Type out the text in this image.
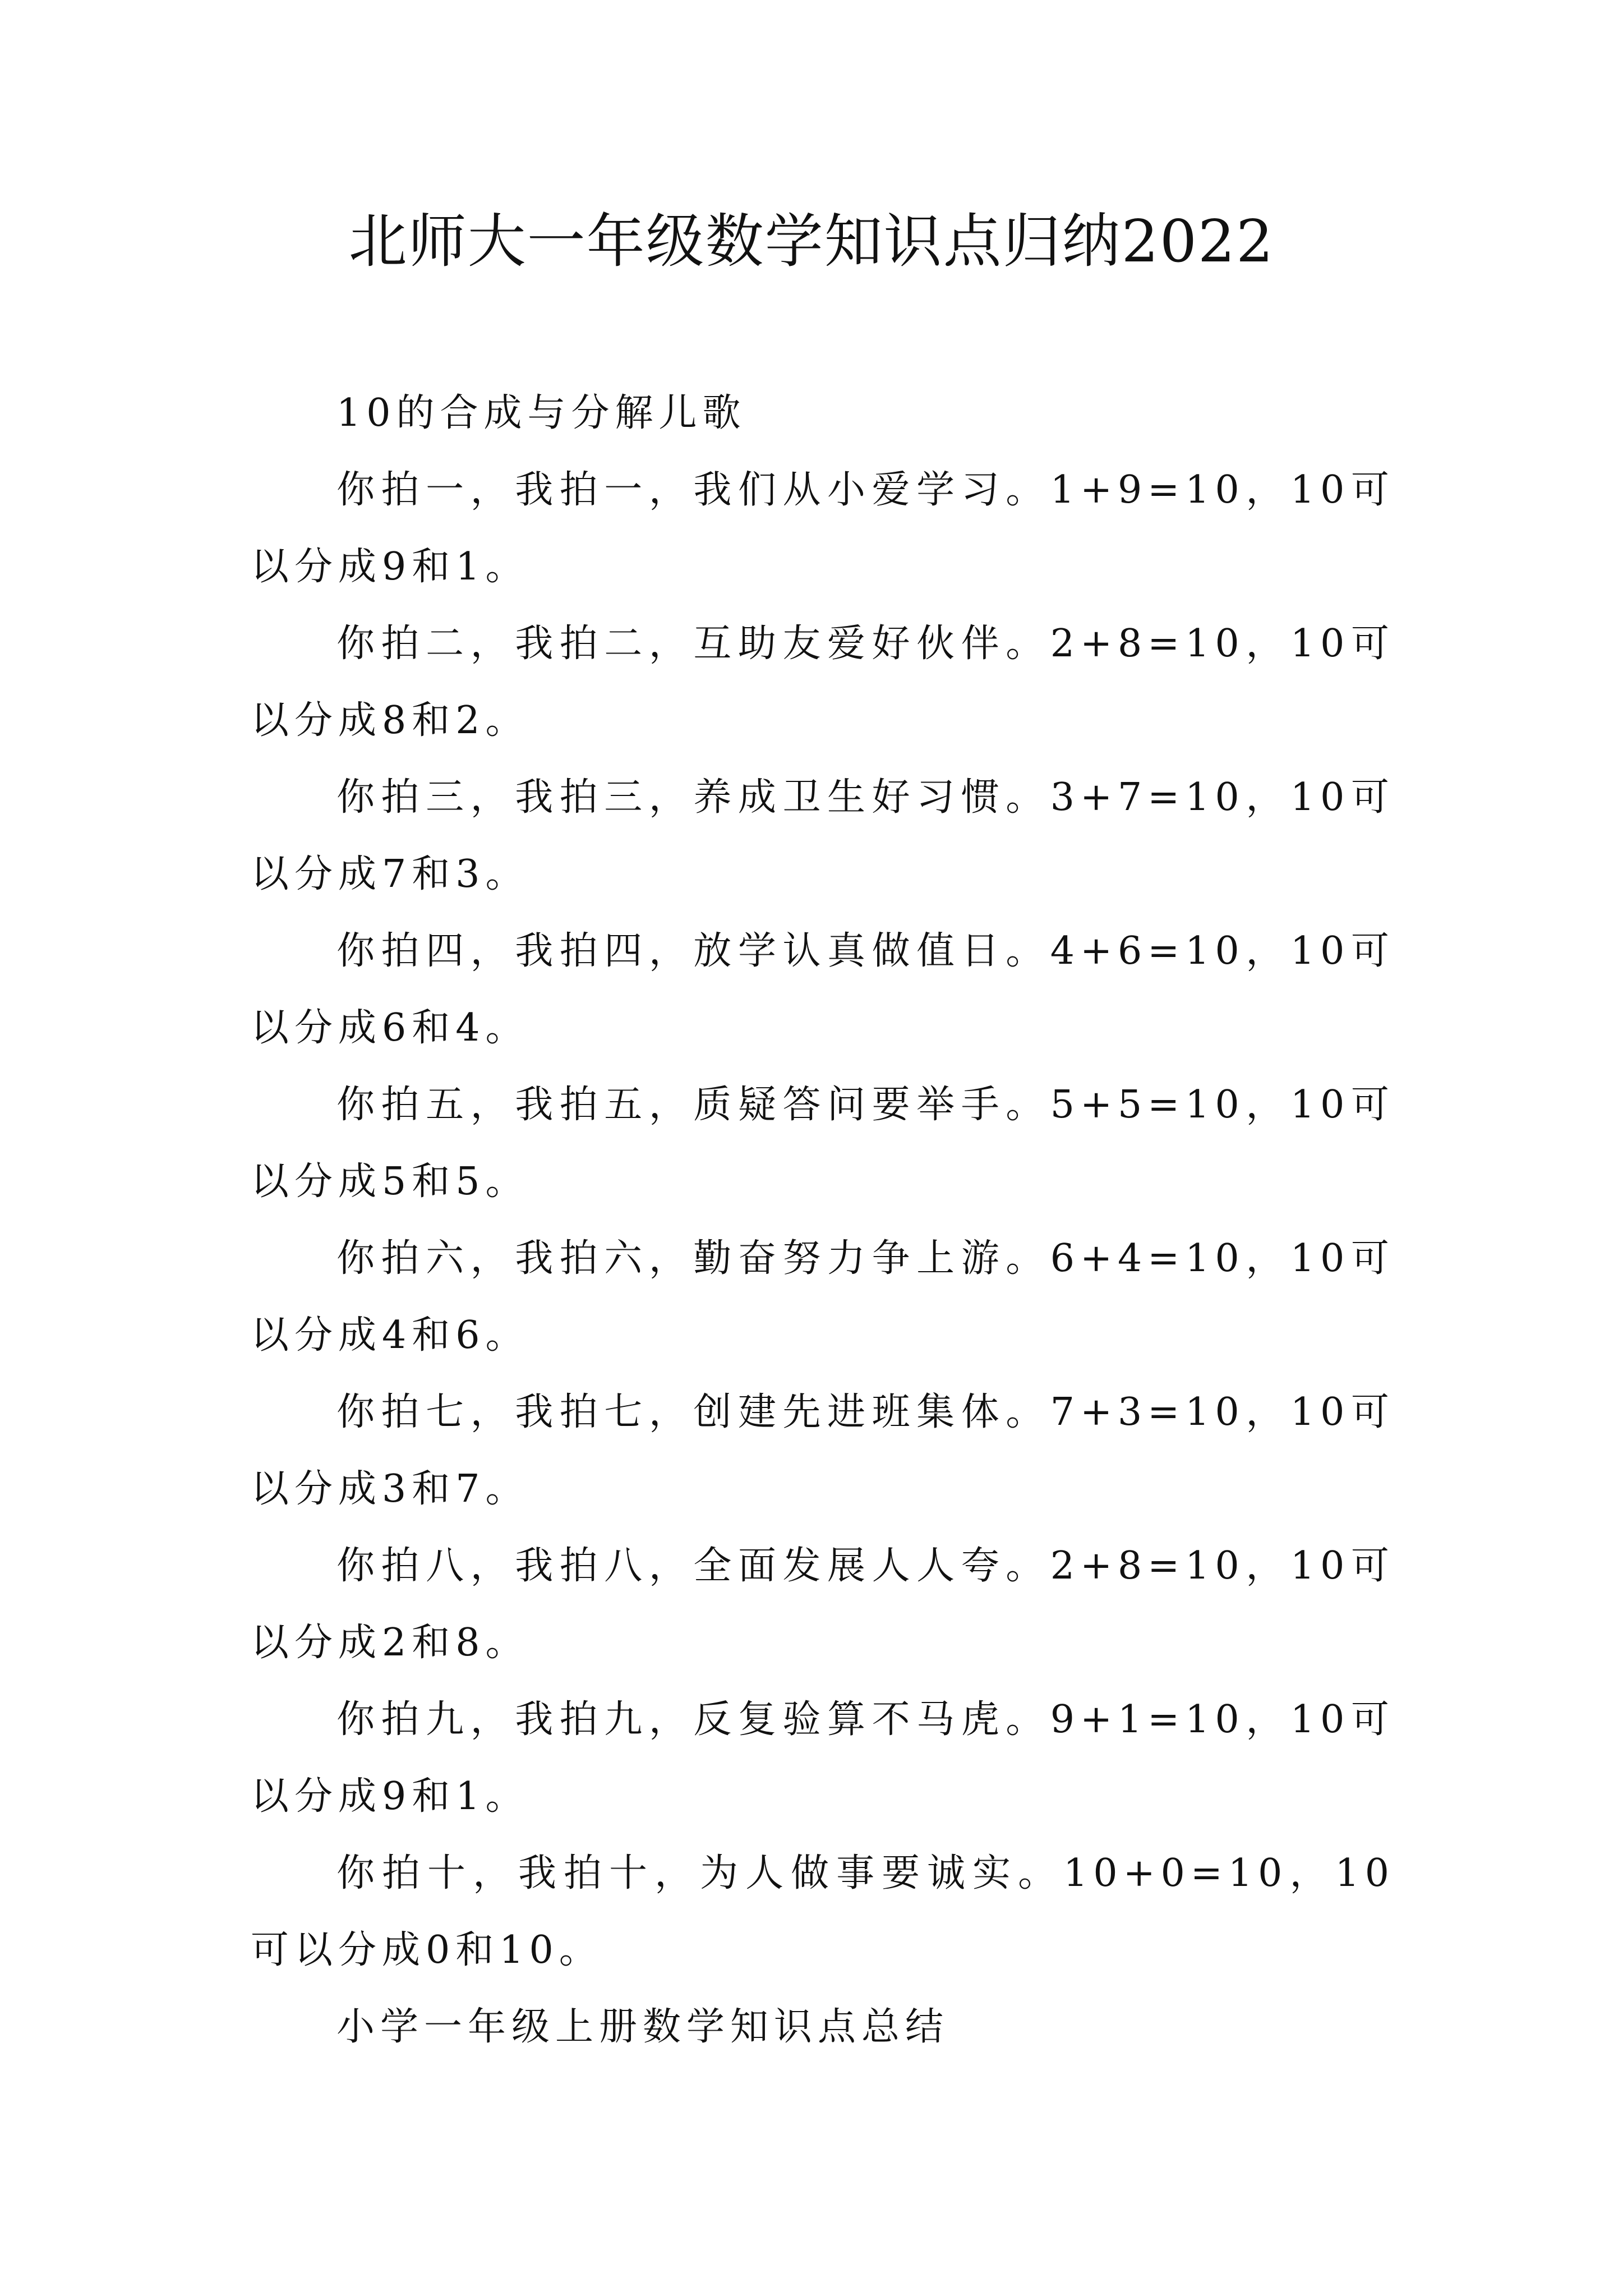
北师大一年级数学知识点归纳2022

10的合成与分解儿歌

你拍一，我拍一，我们从小爱学习。1+9=10，10可以分成9和1。

你拍二，我拍二，互助友爱好伙伴。2+8=10，10可以分成8和2。

你拍三，我拍三，养成卫生好习惯。3+7=10，10可以分成7和3。

你拍四，我拍四，放学认真做值日。4+6=10，10可以分成6和4。

你拍五，我拍五，质疑答问要举手。5+5=10，10可以分成5和5。

你拍六，我拍六，勤奋努力争上游。6+4=10，10可以分成4和6。

你拍七，我拍七，创建先进班集体。7+3=10，10可以分成3和7。

你拍八，我拍八，全面发展人人夸。2+8=10，10可以分成2和8。

你拍九，我拍九，反复验算不马虎。9+1=10，10可以分成9和1。

你拍十，我拍十，为人做事要诚实。10+0=10，10可以分成0和10。

小学一年级上册数学知识点总结
